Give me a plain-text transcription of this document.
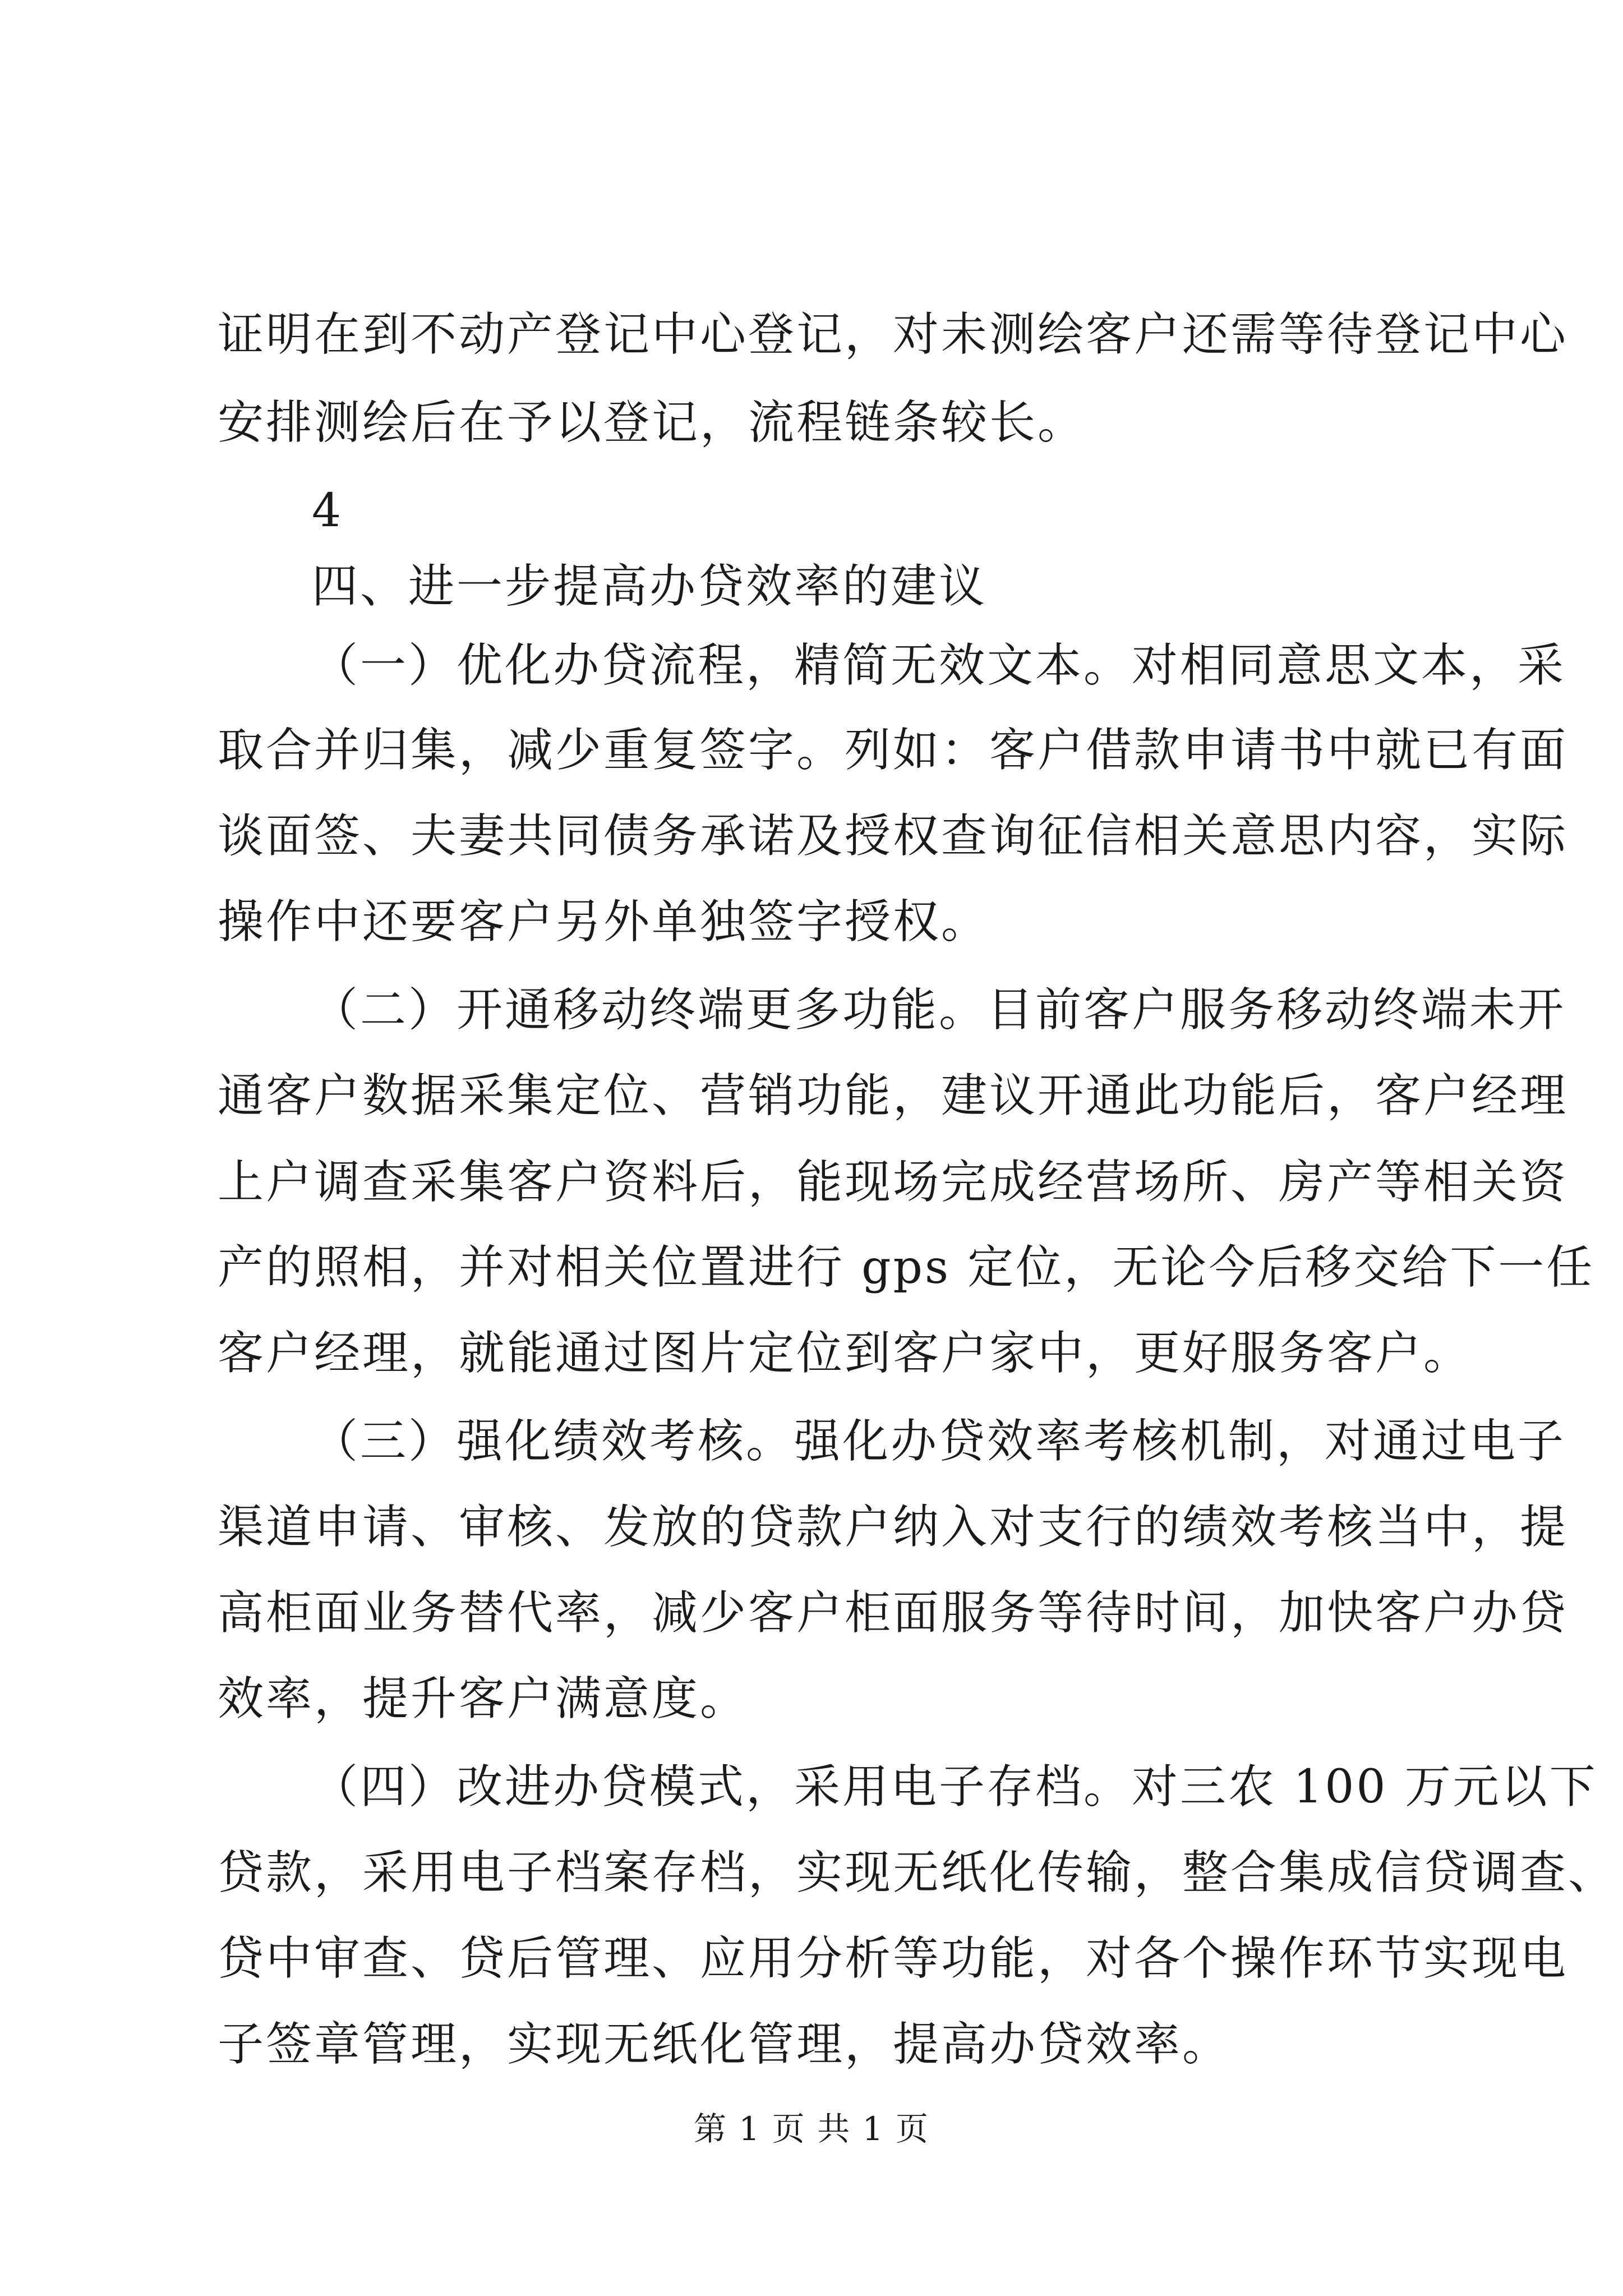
证明在到不动产登记中心登记，对未测绘客户还需等待登记中心
安排测绘后在予以登记，流程链条较长。
4
四、进一步提高办贷效率的建议
（一）优化办贷流程，精简无效文本。对相同意思文本，采
取合并归集，减少重复签字。列如：客户借款申请书中就已有面
谈面签、夫妻共同债务承诺及授权查询征信相关意思内容，实际
操作中还要客户另外单独签字授权。
（二）开通移动终端更多功能。目前客户服务移动终端未开
通客户数据采集定位、营销功能，建议开通此功能后，客户经理
上户调查采集客户资料后，能现场完成经营场所、房产等相关资
产的照相，并对相关位置进行 gps 定位，无论今后移交给下一任
客户经理，就能通过图片定位到客户家中，更好服务客户。
（三）强化绩效考核。强化办贷效率考核机制，对通过电子
渠道申请、审核、发放的贷款户纳入对支行的绩效考核当中，提
高柜面业务替代率，减少客户柜面服务等待时间，加快客户办贷
效率，提升客户满意度。
（四）改进办贷模式，采用电子存档。对三农 100 万元以下
贷款，采用电子档案存档，实现无纸化传输，整合集成信贷调查、
贷中审查、贷后管理、应用分析等功能，对各个操作环节实现电
子签章管理，实现无纸化管理，提高办贷效率。
第 1 页 共 1 页
